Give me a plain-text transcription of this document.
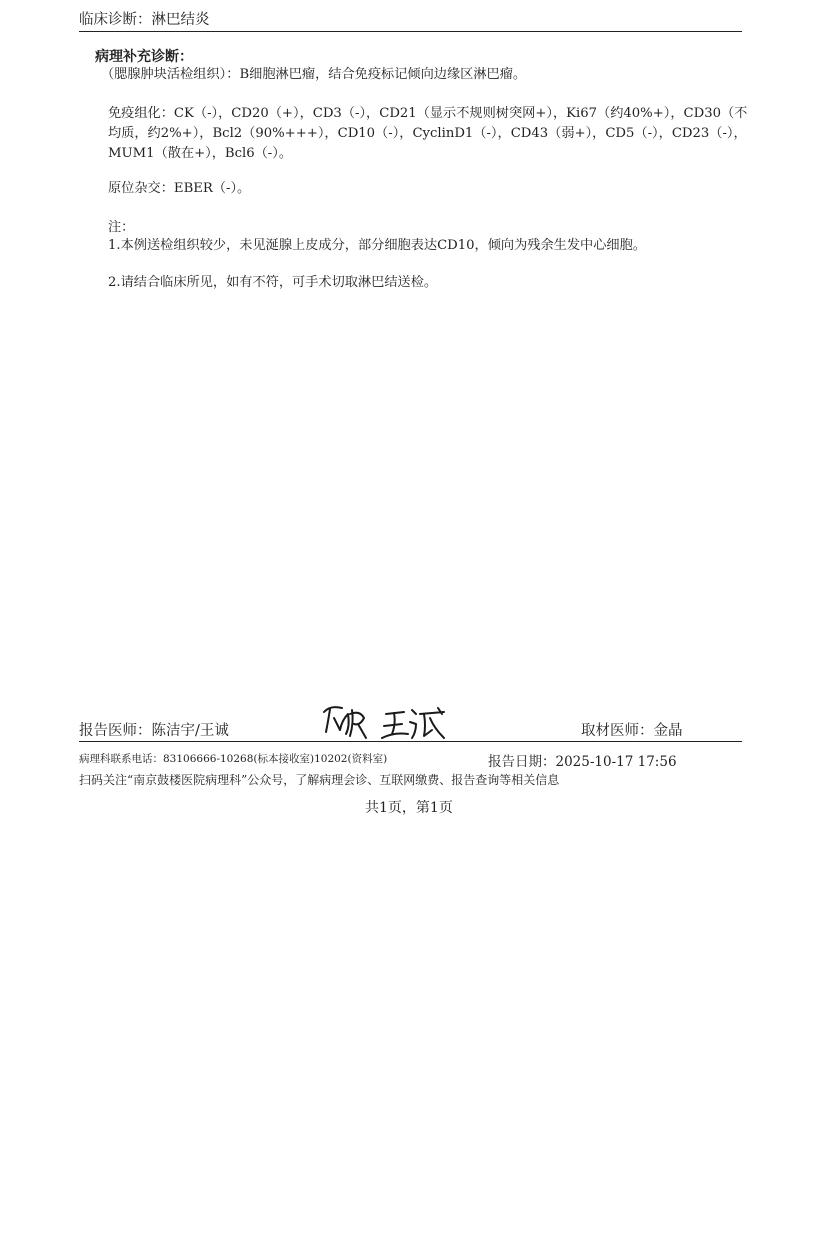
临床诊断：淋巴结炎
病理补充诊断：
（腮腺肿块活检组织）：B细胞淋巴瘤，结合免疫标记倾向边缘区淋巴瘤。
免疫组化：CK（-），CD20（+），CD3（-），CD21（显示不规则树突网+），Ki67（约40%+），CD30（不均质，约2%+），Bcl2（90%+++），CD10（-），CyclinD1（-），CD43（弱+），CD5（-），CD23（-），MUM1（散在+），Bcl6（-）。
原位杂交：EBER（-）。
注：
1.本例送检组织较少，未见涎腺上皮成分，部分细胞表达CD10，倾向为残余生发中心细胞。
2.请结合临床所见，如有不符，可手术切取淋巴结送检。
报告医师：陈洁宇/王诚	取材医师：金晶
病理科联系电话：83106666-10268(标本接收室)10202(资料室)	报告日期：2025-10-17 17:56
扫码关注“南京鼓楼医院病理科”公众号，了解病理会诊、互联网缴费、报告查询等相关信息
共1页，第1页
